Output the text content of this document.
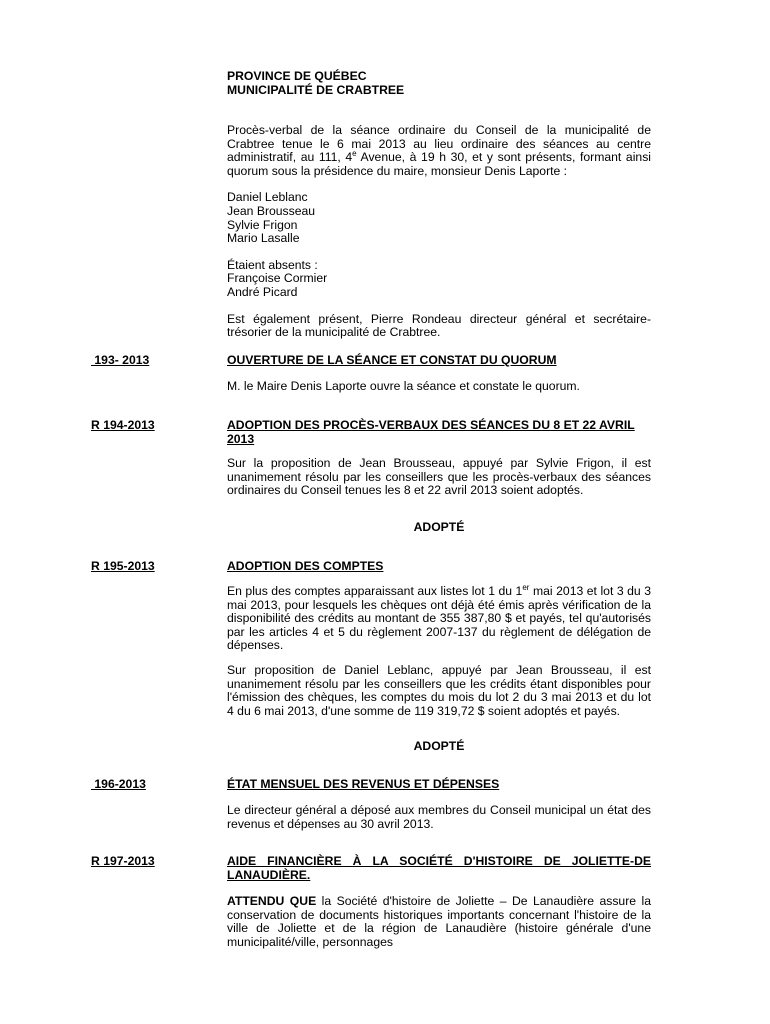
PROVINCE DE QUÉBEC
MUNICIPALITÉ DE CRABTREE

Procès-verbal de la séance ordinaire du Conseil de la municipalité de Crabtree tenue le 6 mai 2013 au lieu ordinaire des séances au centre administratif, au 111, 4e Avenue, à 19 h 30, et y sont présents, formant ainsi quorum sous la présidence du maire, monsieur Denis Laporte :

Daniel Leblanc
Jean Brousseau
Sylvie Frigon
Mario Lasalle
Étaient absents :
Françoise Cormier
André Picard

Est également présent, Pierre Rondeau directeur général et secrétaire-trésorier de la municipalité de Crabtree.

193- 2013	OUVERTURE DE LA SÉANCE ET CONSTAT DU QUORUM

M. le Maire Denis Laporte ouvre la séance et constate le quorum.

R 194-2013	ADOPTION DES PROCÈS-VERBAUX DES SÉANCES DU 8 ET 22 AVRIL 2013

Sur la proposition de Jean Brousseau, appuyé par Sylvie Frigon, il est unanimement résolu par les conseillers que les procès-verbaux des séances ordinaires du Conseil tenues les 8 et 22 avril 2013 soient adoptés.

ADOPTÉ
R 195-2013	ADOPTION DES COMPTES

En plus des comptes apparaissant aux listes lot 1 du 1er mai 2013 et lot 3 du 3 mai 2013, pour lesquels les chèques ont déjà été émis après vérification de la disponibilité des crédits au montant de 355 387,80 $ et payés, tel qu'autorisés par les articles 4 et 5 du règlement 2007-137 du règlement de délégation de dépenses.

Sur proposition de Daniel Leblanc, appuyé par Jean Brousseau, il est unanimement résolu par les conseillers que les crédits étant disponibles pour l'émission des chèques, les comptes du mois du lot 2 du 3 mai 2013 et du lot 4 du 6 mai 2013, d'une somme de 119 319,72 $ soient adoptés et payés.

ADOPTÉ
196-2013	ÉTAT MENSUEL DES REVENUS ET DÉPENSES

Le directeur général a déposé aux membres du Conseil municipal un état des revenus et dépenses au 30 avril 2013.

R 197-2013	AIDE FINANCIÈRE À LA SOCIÉTÉ D'HISTOIRE DE JOLIETTE-DE LANAUDIÈRE.

ATTENDU QUE la Société d'histoire de Joliette – De Lanaudière assure la conservation de documents historiques importants concernant l'histoire de la ville de Joliette et de la région de Lanaudière (histoire générale d'une municipalité/ville, personnages
